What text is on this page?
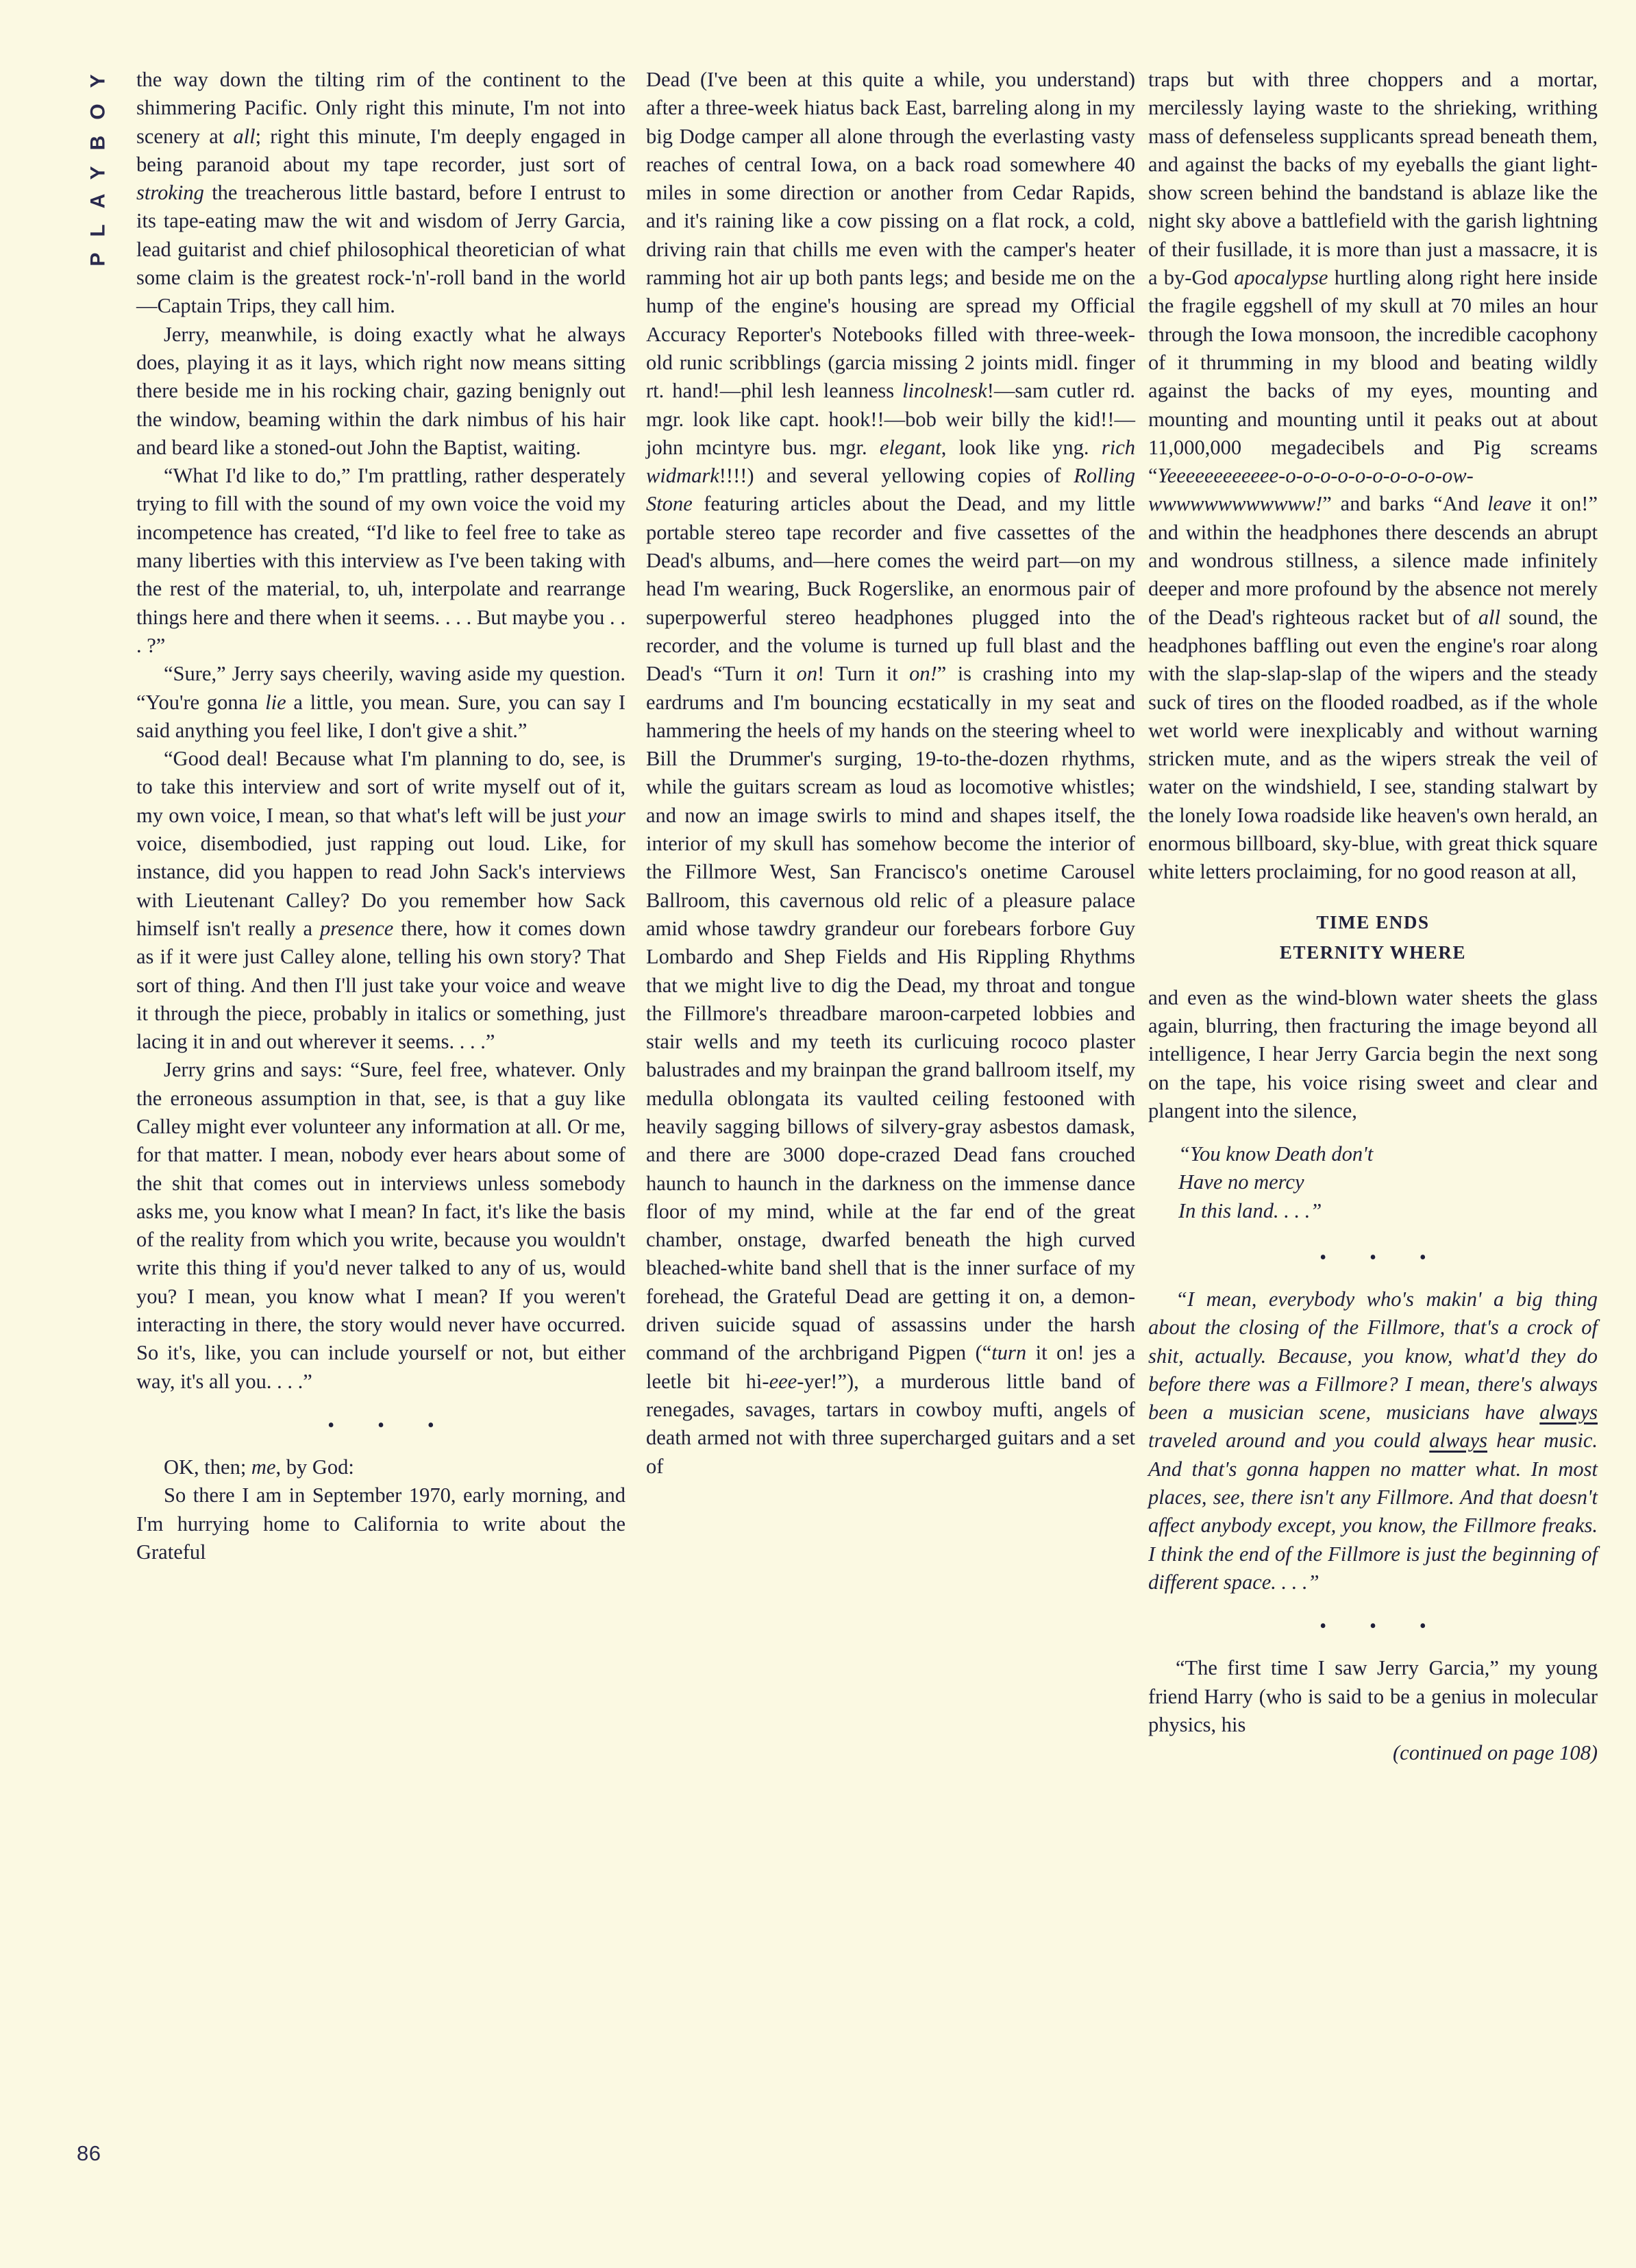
PLAYBOY
86

the way down the tilting rim of the continent to the shimmering Pacific. Only right this minute, I'm not into scenery at all; right this minute, I'm deeply engaged in being paranoid about my tape recorder, just sort of stroking the treacherous little bastard, before I entrust to its tape-eating maw the wit and wisdom of Jerry Garcia, lead guitarist and chief philosophical theoretician of what some claim is the greatest rock-'n'-roll band in the world—Captain Trips, they call him.

Jerry, meanwhile, is doing exactly what he always does, playing it as it lays, which right now means sitting there beside me in his rocking chair, gazing benignly out the window, beaming within the dark nimbus of his hair and beard like a stoned-out John the Baptist, waiting.

“What I'd like to do,” I'm prattling, rather desperately trying to fill with the sound of my own voice the void my incompetence has created, “I'd like to feel free to take as many liberties with this interview as I've been taking with the rest of the material, to, uh, interpolate and rearrange things here and there when it seems. . . . But maybe you . . . ?”

“Sure,” Jerry says cheerily, waving aside my question. “You're gonna lie a little, you mean. Sure, you can say I said anything you feel like, I don't give a shit.”

“Good deal! Because what I'm planning to do, see, is to take this interview and sort of write myself out of it, my own voice, I mean, so that what's left will be just your voice, disembodied, just rapping out loud. Like, for instance, did you happen to read John Sack's interviews with Lieutenant Calley? Do you remember how Sack himself isn't really a presence there, how it comes down as if it were just Calley alone, telling his own story? That sort of thing. And then I'll just take your voice and weave it through the piece, probably in italics or something, just lacing it in and out wherever it seems. . . .”

Jerry grins and says: “Sure, feel free, whatever. Only the erroneous assumption in that, see, is that a guy like Calley might ever volunteer any information at all. Or me, for that matter. I mean, nobody ever hears about some of the shit that comes out in interviews unless somebody asks me, you know what I mean? In fact, it's like the basis of the reality from which you write, because you wouldn't write this thing if you'd never talked to any of us, would you? I mean, you know what I mean? If you weren't interacting in there, the story would never have occurred. So it's, like, you can include yourself or not, but either way, it's all you. . . .”

• • •

OK, then; me, by God:

So there I am in September 1970, early morning, and I'm hurrying home to California to write about the Grateful

Dead (I've been at this quite a while, you understand) after a three-week hiatus back East, barreling along in my big Dodge camper all alone through the everlasting vasty reaches of central Iowa, on a back road somewhere 40 miles in some direction or another from Cedar Rapids, and it's raining like a cow pissing on a flat rock, a cold, driving rain that chills me even with the camper's heater ramming hot air up both pants legs; and beside me on the hump of the engine's housing are spread my Official Accuracy Reporter's Notebooks filled with three-week-old runic scribblings (garcia missing 2 joints midl. finger rt. hand!—phil lesh leanness lincolnesk!—sam cutler rd. mgr. look like capt. hook!!—bob weir billy the kid!!—john mcintyre bus. mgr. elegant, look like yng. rich widmark!!!!) and several yellowing copies of Rolling Stone featuring articles about the Dead, and my little portable stereo tape recorder and five cassettes of the Dead's albums, and—here comes the weird part—on my head I'm wearing, Buck Rogerslike, an enormous pair of superpowerful stereo headphones plugged into the recorder, and the volume is turned up full blast and the Dead's “Turn it on! Turn it on!” is crashing into my eardrums and I'm bouncing ecstatically in my seat and hammering the heels of my hands on the steering wheel to Bill the Drummer's surging, 19-to-the-dozen rhythms, while the guitars scream as loud as locomotive whistles; and now an image swirls to mind and shapes itself, the interior of my skull has somehow become the interior of the Fillmore West, San Francisco's onetime Carousel Ballroom, this cavernous old relic of a pleasure palace amid whose tawdry grandeur our forebears forbore Guy Lombardo and Shep Fields and His Rippling Rhythms that we might live to dig the Dead, my throat and tongue the Fillmore's threadbare maroon-carpeted lobbies and stair wells and my teeth its curlicuing rococo plaster balustrades and my brainpan the grand ballroom itself, my medulla oblongata its vaulted ceiling festooned with heavily sagging billows of silvery-gray asbestos damask, and there are 3000 dope-crazed Dead fans crouched haunch to haunch in the darkness on the immense dance floor of my mind, while at the far end of the great chamber, onstage, dwarfed beneath the high curved bleached-white band shell that is the inner surface of my forehead, the Grateful Dead are getting it on, a demon-driven suicide squad of assassins under the harsh command of the archbrigand Pigpen (“turn it on! jes a leetle bit hi-eee-yer!”), a murderous little band of renegades, savages, tartars in cowboy mufti, angels of death armed not with three supercharged guitars and a set of

traps but with three choppers and a mortar, mercilessly laying waste to the shrieking, writhing mass of defenseless supplicants spread beneath them, and against the backs of my eyeballs the giant light-show screen behind the bandstand is ablaze like the night sky above a battlefield with the garish lightning of their fusillade, it is more than just a massacre, it is a by-God apocalypse hurtling along right here inside the fragile eggshell of my skull at 70 miles an hour through the Iowa monsoon, the incredible cacophony of it thrumming in my blood and beating wildly against the backs of my eyes, mounting and mounting and mounting until it peaks out at about 11,000,000 megadecibels and Pig screams “Yeeeeeeeeeeee-o-o-o-o-o-o-o-o-o-ow-wwwwwwwwwwww!” and barks “And leave it on!” and within the headphones there descends an abrupt and wondrous stillness, a silence made infinitely deeper and more profound by the absence not merely of the Dead's righteous racket but of all sound, the headphones baffling out even the engine's roar along with the slap-slap-slap of the wipers and the steady suck of tires on the flooded roadbed, as if the whole wet world were inexplicably and without warning stricken mute, and as the wipers streak the veil of water on the windshield, I see, standing stalwart by the lonely Iowa roadside like heaven's own herald, an enormous billboard, sky-blue, with great thick square white letters proclaiming, for no good reason at all,

TIME ENDS
ETERNITY WHERE

and even as the wind-blown water sheets the glass again, blurring, then fracturing the image beyond all intelligence, I hear Jerry Garcia begin the next song on the tape, his voice rising sweet and clear and plangent into the silence,

“You know Death don't
Have no mercy
In this land. . . .”
• • •

“I mean, everybody who's makin' a big thing about the closing of the Fillmore, that's a crock of shit, actually. Because, you know, what'd they do before there was a Fillmore? I mean, there's always been a musician scene, musicians have always traveled around and you could always hear music. And that's gonna happen no matter what. In most places, see, there isn't any Fillmore. And that doesn't affect anybody except, you know, the Fillmore freaks. I think the end of the Fillmore is just the beginning of different space. . . .”

• • •

“The first time I saw Jerry Garcia,” my young friend Harry (who is said to be a genius in molecular physics, his
(continued on page 108)
